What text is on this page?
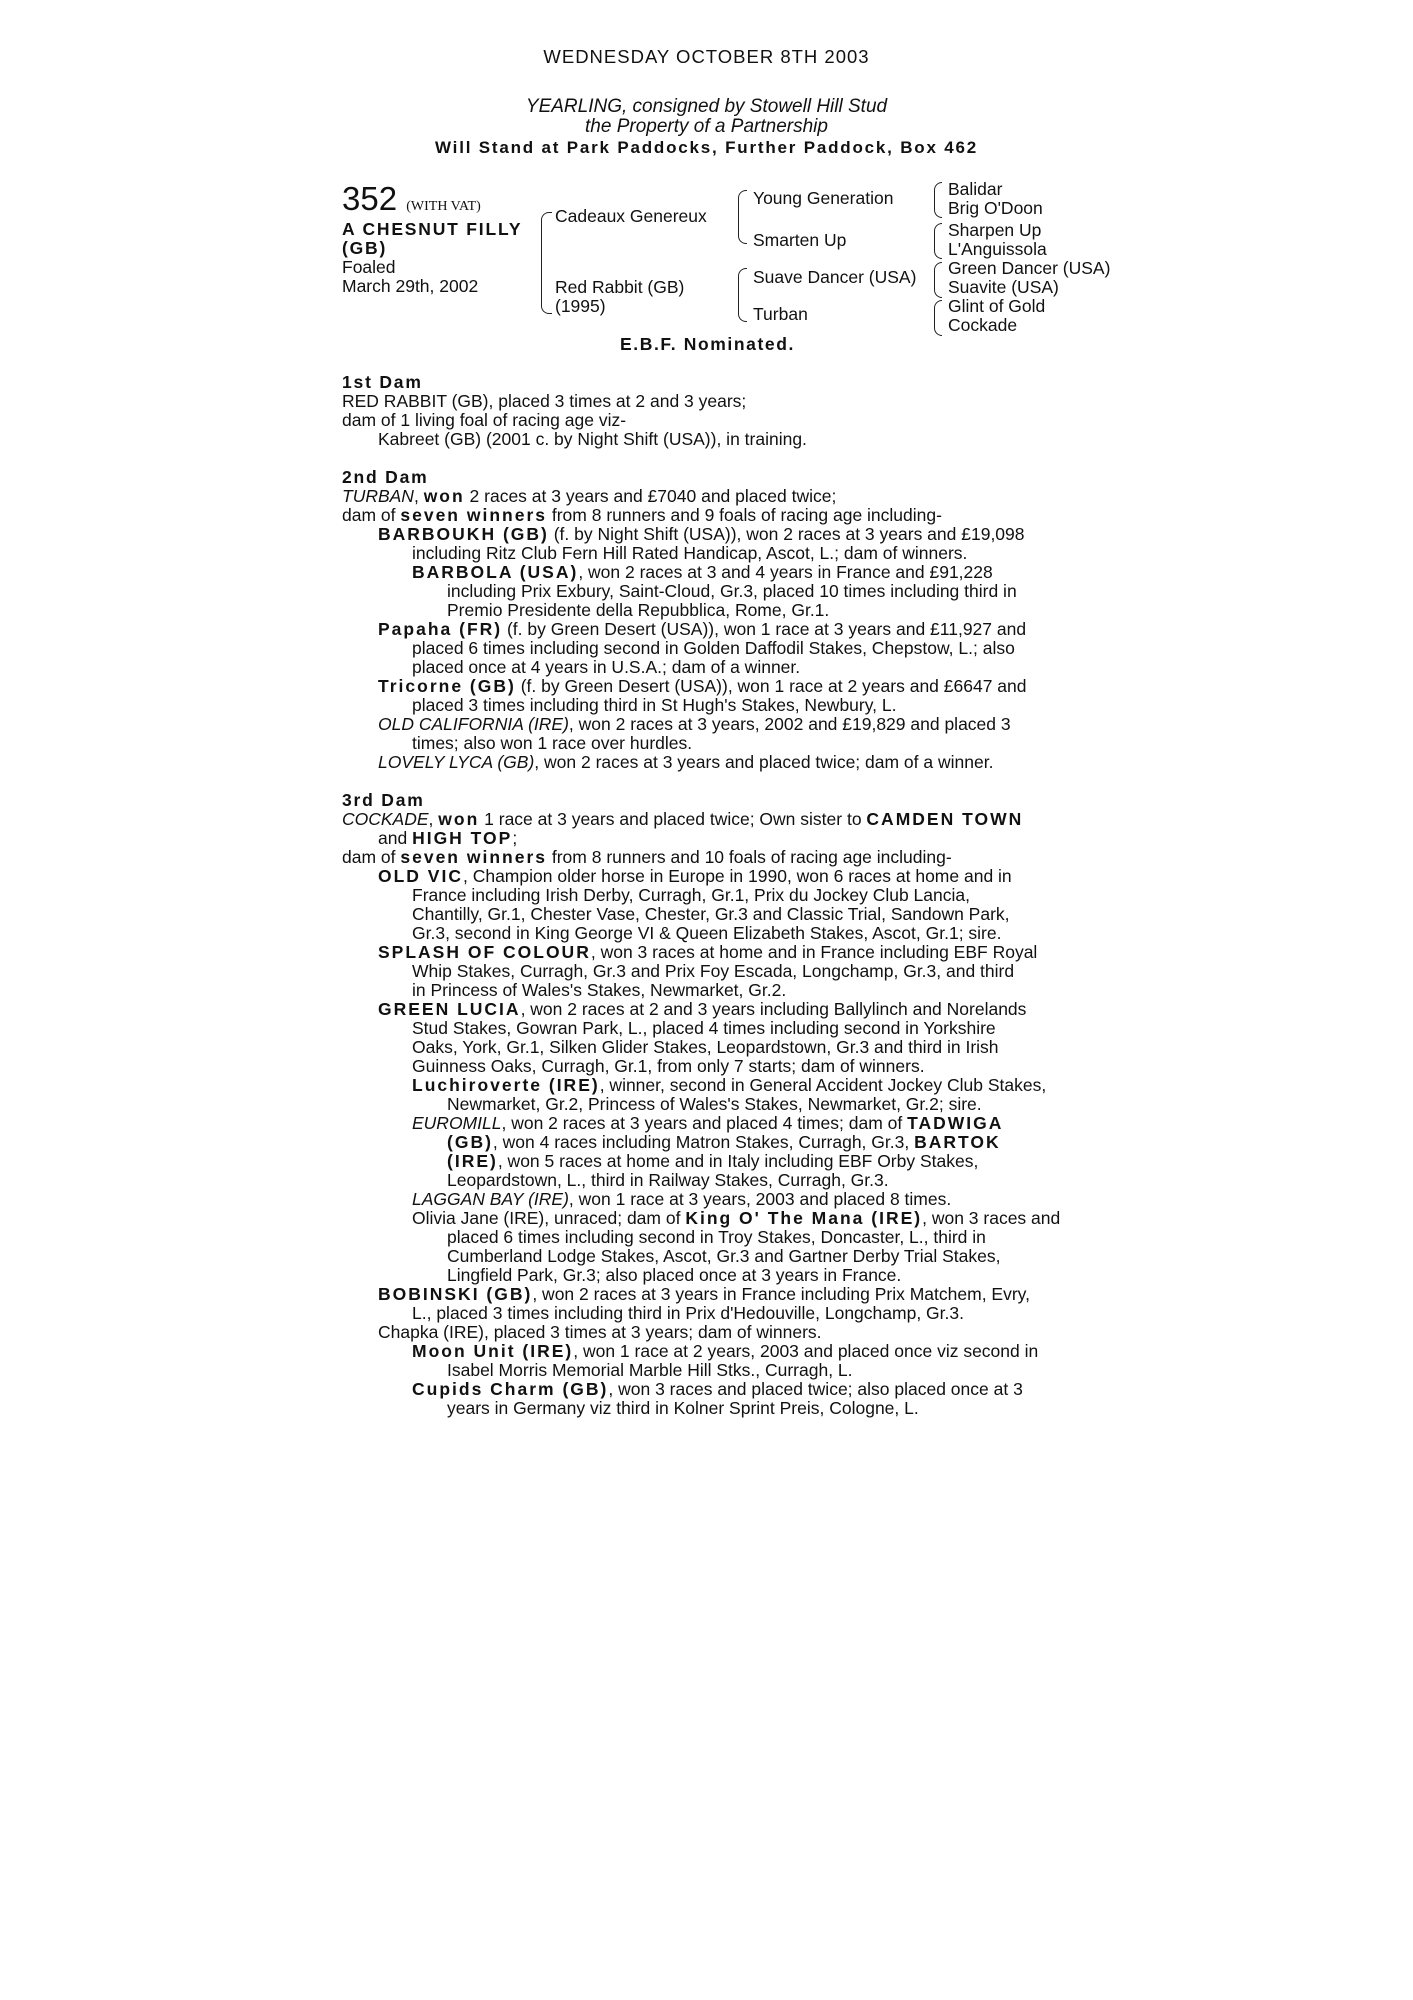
WEDNESDAY OCTOBER 8TH 2003
YEARLING, consigned by Stowell Hill Stud
the Property of a Partnership
Will Stand at Park Paddocks, Further Paddock, Box 462
352 (WITH VAT)
A CHESNUT FILLY
(GB)
Foaled
March 29th, 2002
Cadeaux Genereux
Red Rabbit (GB)
(1995)
Young Generation
Smarten Up
Suave Dancer (USA)
Turban
Balidar
Brig O'Doon
Sharpen Up
L'Anguissola
Green Dancer (USA)
Suavite (USA)
Glint of Gold
Cockade
E.B.F. Nominated.
1st Dam
RED RABBIT (GB), placed 3 times at 2 and 3 years;
dam of 1 living foal of racing age viz-
Kabreet (GB) (2001 c. by Night Shift (USA)), in training.
2nd Dam
TURBAN, won 2 races at 3 years and £7040 and placed twice;
dam of seven winners from 8 runners and 9 foals of racing age including-
BARBOUKH (GB) (f. by Night Shift (USA)), won 2 races at 3 years and £19,098
including Ritz Club Fern Hill Rated Handicap, Ascot, L.; dam of winners.
BARBOLA (USA), won 2 races at 3 and 4 years in France and £91,228
including Prix Exbury, Saint-Cloud, Gr.3, placed 10 times including third in
Premio Presidente della Repubblica, Rome, Gr.1.
Papaha (FR) (f. by Green Desert (USA)), won 1 race at 3 years and £11,927 and
placed 6 times including second in Golden Daffodil Stakes, Chepstow, L.; also
placed once at 4 years in U.S.A.; dam of a winner.
Tricorne (GB) (f. by Green Desert (USA)), won 1 race at 2 years and £6647 and
placed 3 times including third in St Hugh's Stakes, Newbury, L.
OLD CALIFORNIA (IRE), won 2 races at 3 years, 2002 and £19,829 and placed 3
times; also won 1 race over hurdles.
LOVELY LYCA (GB), won 2 races at 3 years and placed twice; dam of a winner.
3rd Dam
COCKADE, won 1 race at 3 years and placed twice; Own sister to CAMDEN TOWN
and HIGH TOP;
dam of seven winners from 8 runners and 10 foals of racing age including-
OLD VIC, Champion older horse in Europe in 1990, won 6 races at home and in
France including Irish Derby, Curragh, Gr.1, Prix du Jockey Club Lancia,
Chantilly, Gr.1, Chester Vase, Chester, Gr.3 and Classic Trial, Sandown Park,
Gr.3, second in King George VI & Queen Elizabeth Stakes, Ascot, Gr.1; sire.
SPLASH OF COLOUR, won 3 races at home and in France including EBF Royal
Whip Stakes, Curragh, Gr.3 and Prix Foy Escada, Longchamp, Gr.3, and third
in Princess of Wales's Stakes, Newmarket, Gr.2.
GREEN LUCIA, won 2 races at 2 and 3 years including Ballylinch and Norelands
Stud Stakes, Gowran Park, L., placed 4 times including second in Yorkshire
Oaks, York, Gr.1, Silken Glider Stakes, Leopardstown, Gr.3 and third in Irish
Guinness Oaks, Curragh, Gr.1, from only 7 starts; dam of winners.
Luchiroverte (IRE), winner, second in General Accident Jockey Club Stakes,
Newmarket, Gr.2, Princess of Wales's Stakes, Newmarket, Gr.2; sire.
EUROMILL, won 2 races at 3 years and placed 4 times; dam of TADWIGA
(GB), won 4 races including Matron Stakes, Curragh, Gr.3, BARTOK
(IRE), won 5 races at home and in Italy including EBF Orby Stakes,
Leopardstown, L., third in Railway Stakes, Curragh, Gr.3.
LAGGAN BAY (IRE), won 1 race at 3 years, 2003 and placed 8 times.
Olivia Jane (IRE), unraced; dam of King O' The Mana (IRE), won 3 races and
placed 6 times including second in Troy Stakes, Doncaster, L., third in
Cumberland Lodge Stakes, Ascot, Gr.3 and Gartner Derby Trial Stakes,
Lingfield Park, Gr.3; also placed once at 3 years in France.
BOBINSKI (GB), won 2 races at 3 years in France including Prix Matchem, Evry,
L., placed 3 times including third in Prix d'Hedouville, Longchamp, Gr.3.
Chapka (IRE), placed 3 times at 3 years; dam of winners.
Moon Unit (IRE), won 1 race at 2 years, 2003 and placed once viz second in
Isabel Morris Memorial Marble Hill Stks., Curragh, L.
Cupids Charm (GB), won 3 races and placed twice; also placed once at 3
years in Germany viz third in Kolner Sprint Preis, Cologne, L.
